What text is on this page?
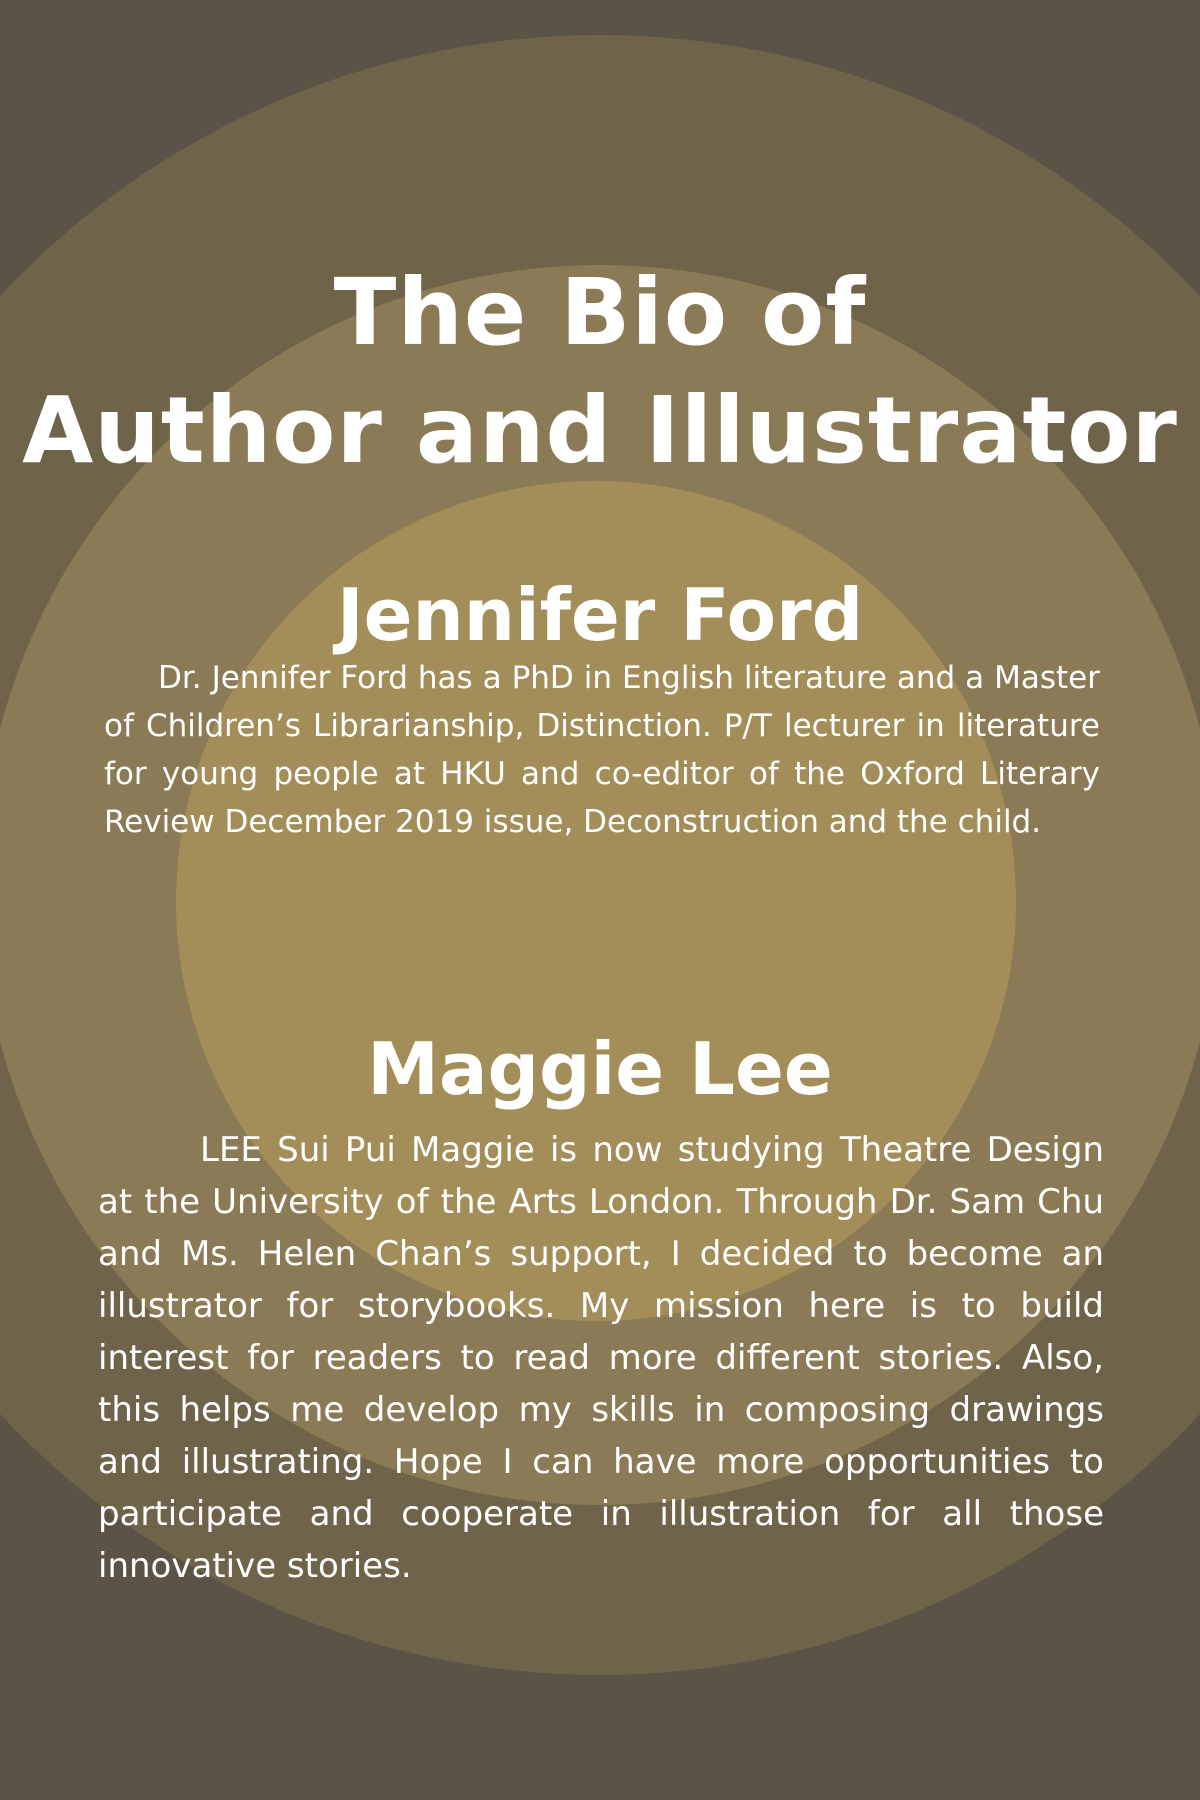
The Bio of
Author and Illustrator
Jennifer Ford

Dr. Jennifer Ford has a PhD in English literature and a Master of Children’s Librarianship, Distinction. P/T lecturer in literature for young people at HKU and co-editor of the Oxford Literary Review December 2019 issue, Deconstruction and the child.

Maggie Lee

LEE Sui Pui Maggie is now studying Theatre Design at the University of the Arts London. Through Dr. Sam Chu and Ms. Helen Chan’s support, I decided to become an illustrator for storybooks. My mission here is to build interest for readers to read more different stories. Also, this helps me develop my skills in composing drawings and illustrating. Hope I can have more opportunities to participate and cooperate in illustration for all those innovative stories.
